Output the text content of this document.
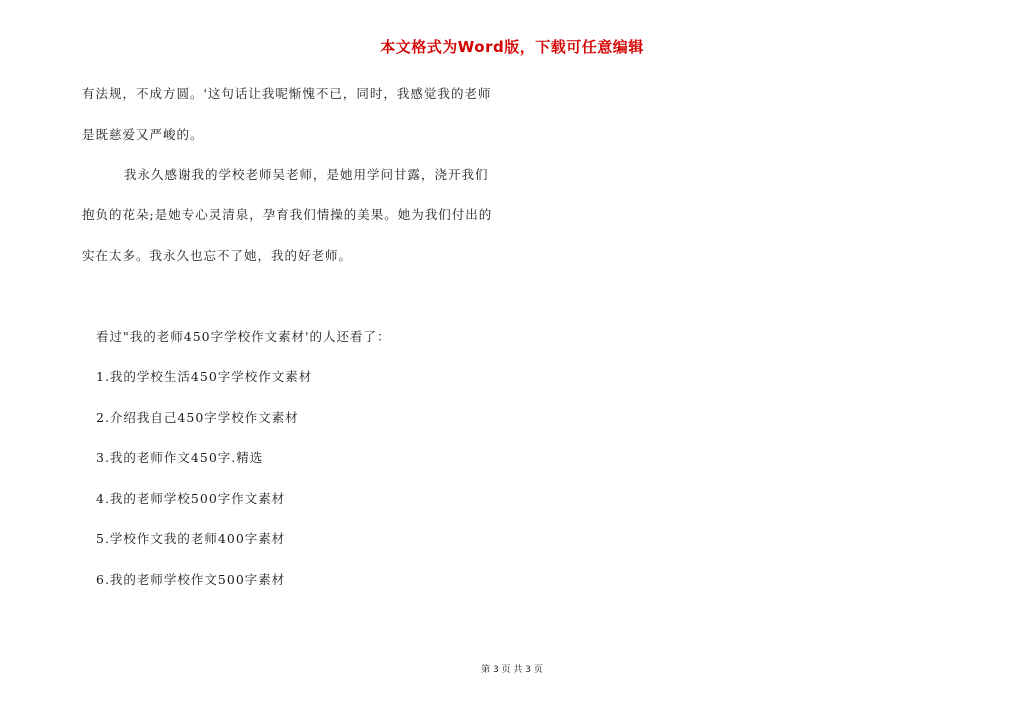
本文格式为Word版，下载可任意编辑
有法规，不成方圆。'这句话让我呢惭愧不已，同时，我感觉我的老师
是既慈爱又严峻的。
我永久感谢我的学校老师吴老师，是她用学问甘露，浇开我们
抱负的花朵;是她专心灵清泉，孕育我们情操的美果。她为我们付出的
实在太多。我永久也忘不了她，我的好老师。
看过"我的老师450字学校作文素材'的人还看了：
1.我的学校生活450字学校作文素材
2.介绍我自己450字学校作文素材
3.我的老师作文450字.精选
4.我的老师学校500字作文素材
5.学校作文我的老师400字素材
6.我的老师学校作文500字素材
第 3 页 共 3 页
